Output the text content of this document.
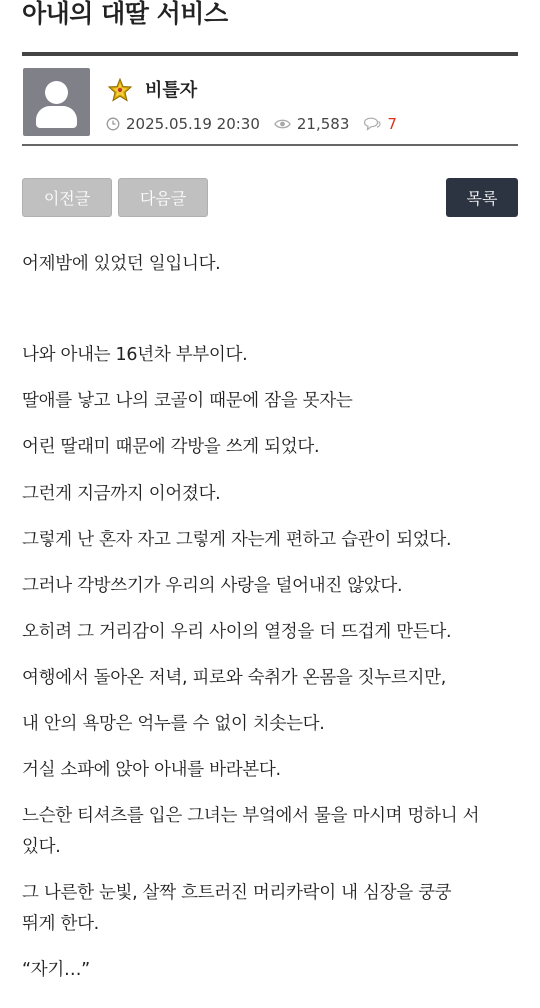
아내의 대딸 서비스
비틀자
2025.05.19 20:30 21,583	7
이전글	다음글	목록
어제밤에 있었던 일입니다.
나와 아내는 16년차 부부이다.
딸애를 낳고 나의 코골이 때문에 잠을 못자는
어린 딸래미 때문에 각방을 쓰게 되었다.
그런게 지금까지 이어졌다.
그렇게 난 혼자 자고 그렇게 자는게 편하고 습관이 되었다.
그러나 각방쓰기가 우리의 사랑을 덜어내진 않았다.
오히려 그 거리감이 우리 사이의 열정을 더 뜨겁게 만든다.
여행에서 돌아온 저녁, 피로와 숙취가 온몸을 짓누르지만,
내 안의 욕망은 억누를 수 없이 치솟는다.
거실 소파에 앉아 아내를 바라본다.
느슨한 티셔츠를 입은 그녀는 부엌에서 물을 마시며 멍하니 서
있다.
그 나른한 눈빛, 살짝 흐트러진 머리카락이 내 심장을 쿵쿵
뛰게 한다.
“자기…”
